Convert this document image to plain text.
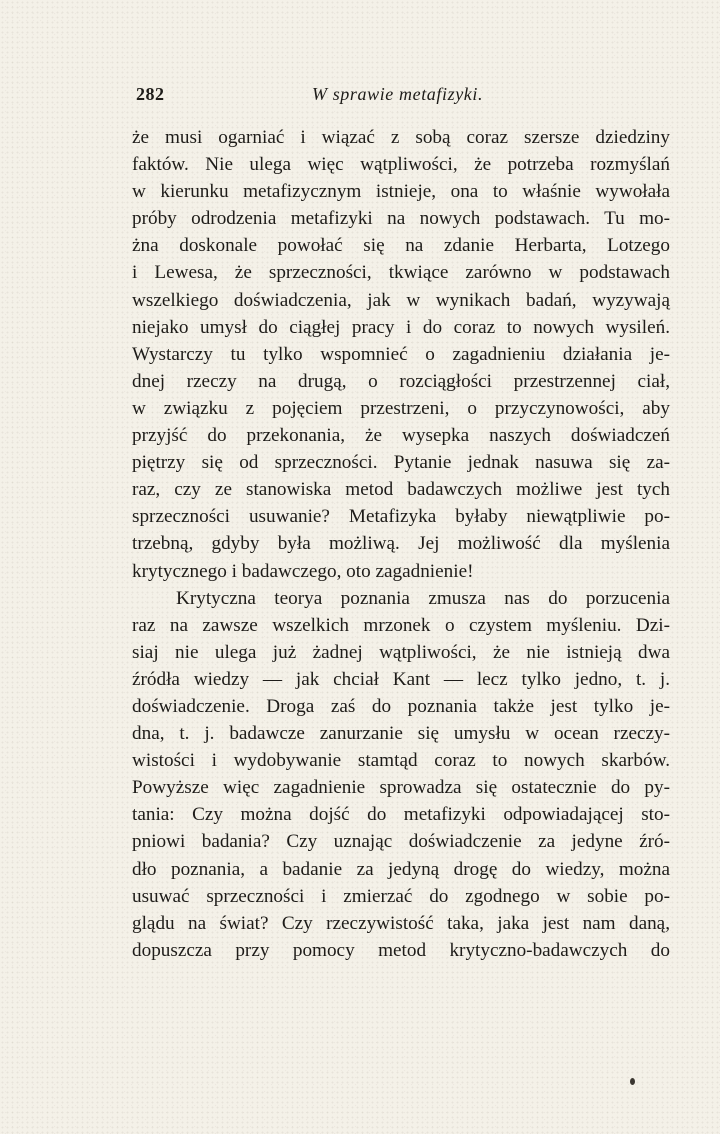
282	W sprawie metafizyki.
że musi ogarniać i wiązać z sobą coraz szersze dziedziny
faktów. Nie ulega więc wątpliwości, że potrzeba rozmyślań
w kierunku metafizycznym istnieje, ona to właśnie wywołała
próby odrodzenia metafizyki na nowych podstawach. Tu mo-
żna doskonale powołać się na zdanie Herbarta, Lotzego
i Lewesa, że sprzeczności, tkwiące zarówno w podstawach
wszelkiego doświadczenia, jak w wynikach badań, wyzywają
niejako umysł do ciągłej pracy i do coraz to nowych wysileń.
Wystarczy tu tylko wspomnieć o zagadnieniu działania je-
dnej rzeczy na drugą, o rozciągłości przestrzennej ciał,
w związku z pojęciem przestrzeni, o przyczynowości, aby
przyjść do przekonania, że wysepka naszych doświadczeń
piętrzy się od sprzeczności. Pytanie jednak nasuwa się za-
raz, czy ze stanowiska metod badawczych możliwe jest tych
sprzeczności usuwanie? Metafizyka byłaby niewątpliwie po-
trzebną, gdyby była możliwą. Jej możliwość dla myślenia
krytycznego i badawczego, oto zagadnienie!
Krytyczna teorya poznania zmusza nas do porzucenia
raz na zawsze wszelkich mrzonek o czystem myśleniu. Dzi-
siaj nie ulega już żadnej wątpliwości, że nie istnieją dwa
źródła wiedzy — jak chciał Kant — lecz tylko jedno, t. j.
doświadczenie. Droga zaś do poznania także jest tylko je-
dna, t. j. badawcze zanurzanie się umysłu w ocean rzeczy-
wistości i wydobywanie stamtąd coraz to nowych skarbów.
Powyższe więc zagadnienie sprowadza się ostatecznie do py-
tania: Czy można dojść do metafizyki odpowiadającej sto-
pniowi badania? Czy uznając doświadczenie za jedyne źró-
dło poznania, a badanie za jedyną drogę do wiedzy, można
usuwać sprzeczności i zmierzać do zgodnego w sobie po-
glądu na świat? Czy rzeczywistość taka, jaka jest nam daną,
dopuszcza przy pomocy metod krytyczno-badawczych do
